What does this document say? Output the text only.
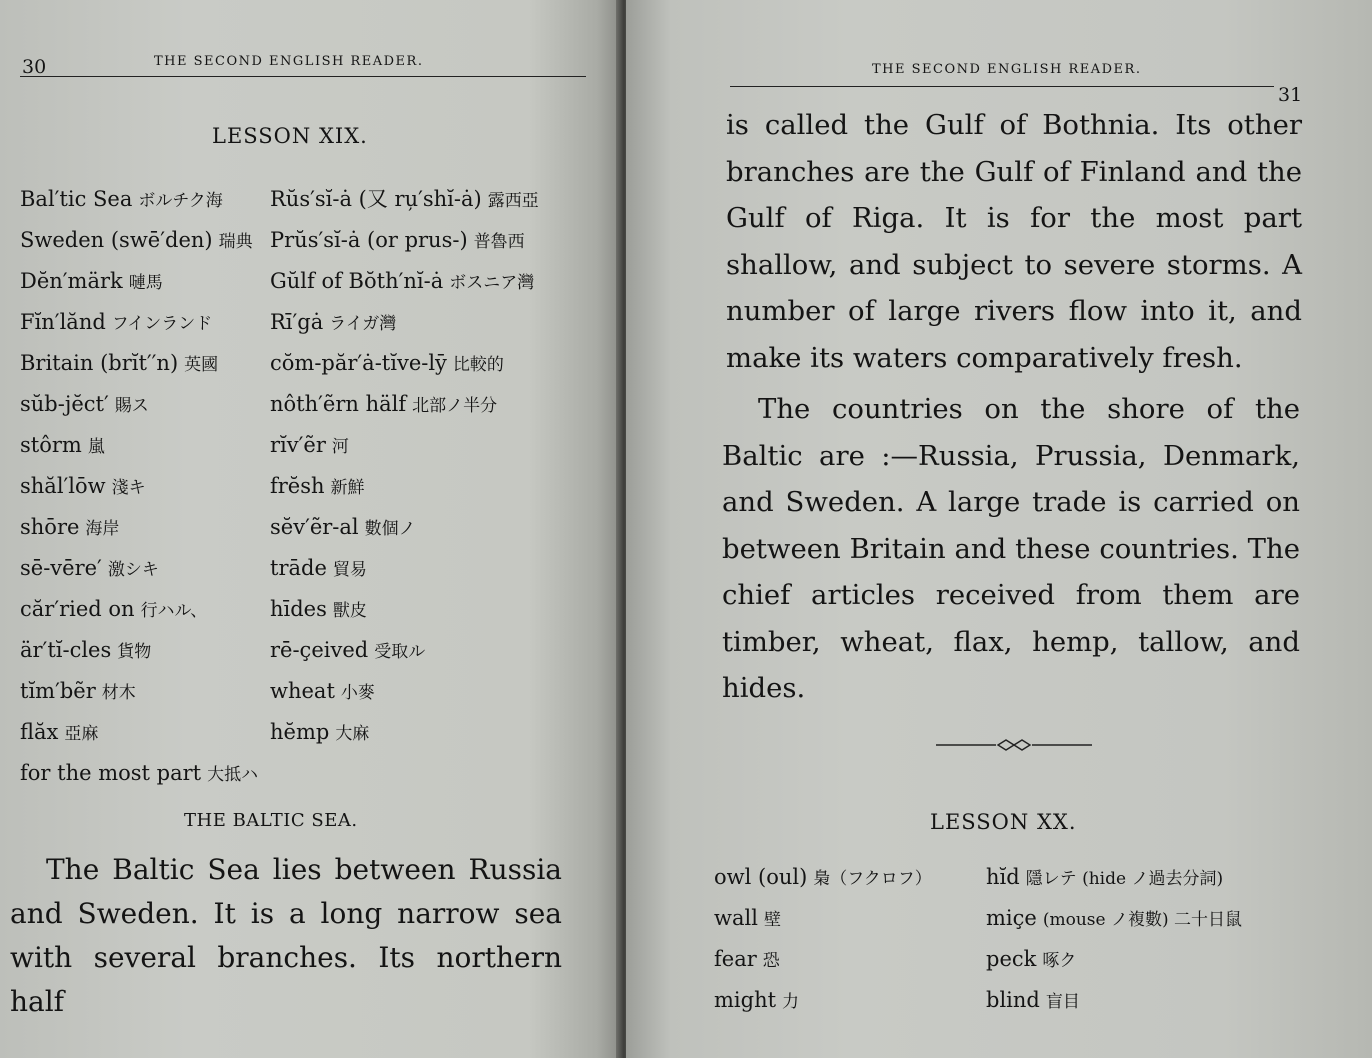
30	THE SECOND ENGLISH READER.
LESSON XIX.
Bal′tic Sea ボルチク海
Sweden (swē′den) 瑞典
Dĕn′märk 嗹馬
Fĭn′lănd フインランド
Britain (brĭt′′n) 英國
sŭb-jĕct′ 賜ス
stôrm 嵐
shăl′lōw 淺キ
shōre 海岸
sē-vēre′ 激シキ
căr′ried on 行ハル、
är′tĭ-cles 貨物
tĭm′bẽr 材木
flăx 亞麻
for the most part 大抵ハ
Rŭs′sĭ-ȧ (又 ru̦′shĭ-ȧ) 露西亞
Prŭs′sĭ-ȧ (or prus-) 普魯西
Gŭlf of Bŏth′nĭ-ȧ ボスニア灣
Rī′gȧ ライガ灣
cŏm-păr′ȧ-tĭve-lȳ 比較的
nôth′ẽrn hälf 北部ノ半分
rĭv′ẽr 河
frĕsh 新鮮
sĕv′ẽr-al 數個ノ
trāde 貿易
hīdes 獸皮
rē-çeived 受取ル
wheat 小麥
hĕmp 大麻
THE BALTIC SEA.

The Baltic Sea lies between Russia and Sweden. It is a long narrow sea with several branches. Its northern half

THE SECOND ENGLISH READER.
31

is called the Gulf of Bothnia. Its other branches are the Gulf of Finland and the Gulf of Riga. It is for the most part shallow, and subject to severe storms. A number of large rivers flow into it, and make its waters comparatively fresh.

The countries on the shore of the Baltic are :—Russia, Prussia, Denmark, and Sweden. A large trade is carried on between Britain and these countries. The chief articles received from them are timber, wheat, flax, hemp, tallow, and hides.

LESSON XX.
owl (oul) 梟（フクロフ）
wall 壁
fear 恐
might 力
hĭd 隱レテ (hide ノ過去分詞)
miçe (mouse ノ複數) 二十日鼠
peck 啄ク
blind 盲目
